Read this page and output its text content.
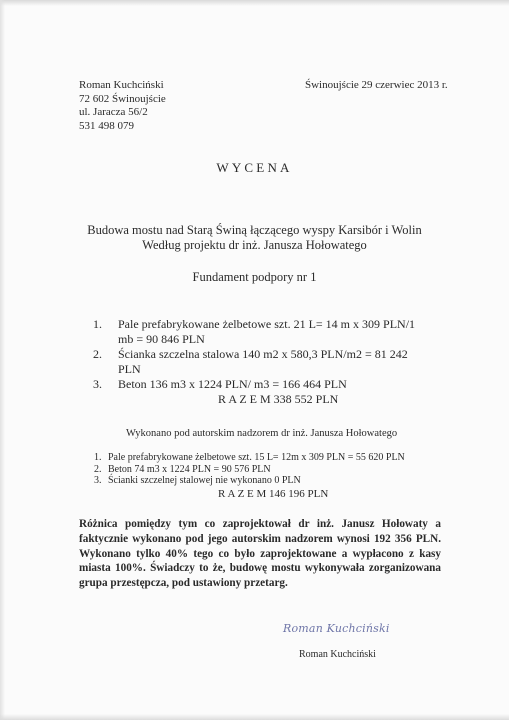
Roman Kuchciński
72 602 Świnoujście
ul. Jaracza 56/2
531 498 079
Świnoujście 29 czerwiec 2013 r.
WYCENA
Budowa mostu nad Starą Świną łączącego wyspy Karsibór i Wolin
Według projektu dr inż. Janusza Hołowatego
Fundament podpory nr 1
1. Pale prefabrykowane żelbetowe szt. 21 L= 14 m x 309 PLN/1
mb = 90 846 PLN
2. Ścianka szczelna stalowa 140 m2 x 580,3 PLN/m2 = 81 242
PLN
3. Beton 136 m3 x 1224 PLN/ m3 = 166 464 PLN
R A Z E M 338 552 PLN
Wykonano pod autorskim nadzorem dr inż. Janusza Hołowatego
1. Pale prefabrykowane żelbetowe szt. 15 L= 12m x 309 PLN = 55 620 PLN
2. Beton 74 m3 x 1224 PLN = 90 576 PLN
3. Ścianki szczelnej stalowej nie wykonano 0 PLN
R A Z E M 146 196 PLN
Różnica pomiędzy tym co zaprojektował dr inż. Janusz Hołowaty a faktycznie wykonano pod jego autorskim nadzorem wynosi 192 356 PLN. Wykonano tylko 40% tego co było zaprojektowane a wypłacono z kasy miasta 100%. Świadczy to że, budowę mostu wykonywała zorganizowana grupa przestępcza, pod ustawiony przetarg.
Roman Kuchciński
Roman Kuchciński
